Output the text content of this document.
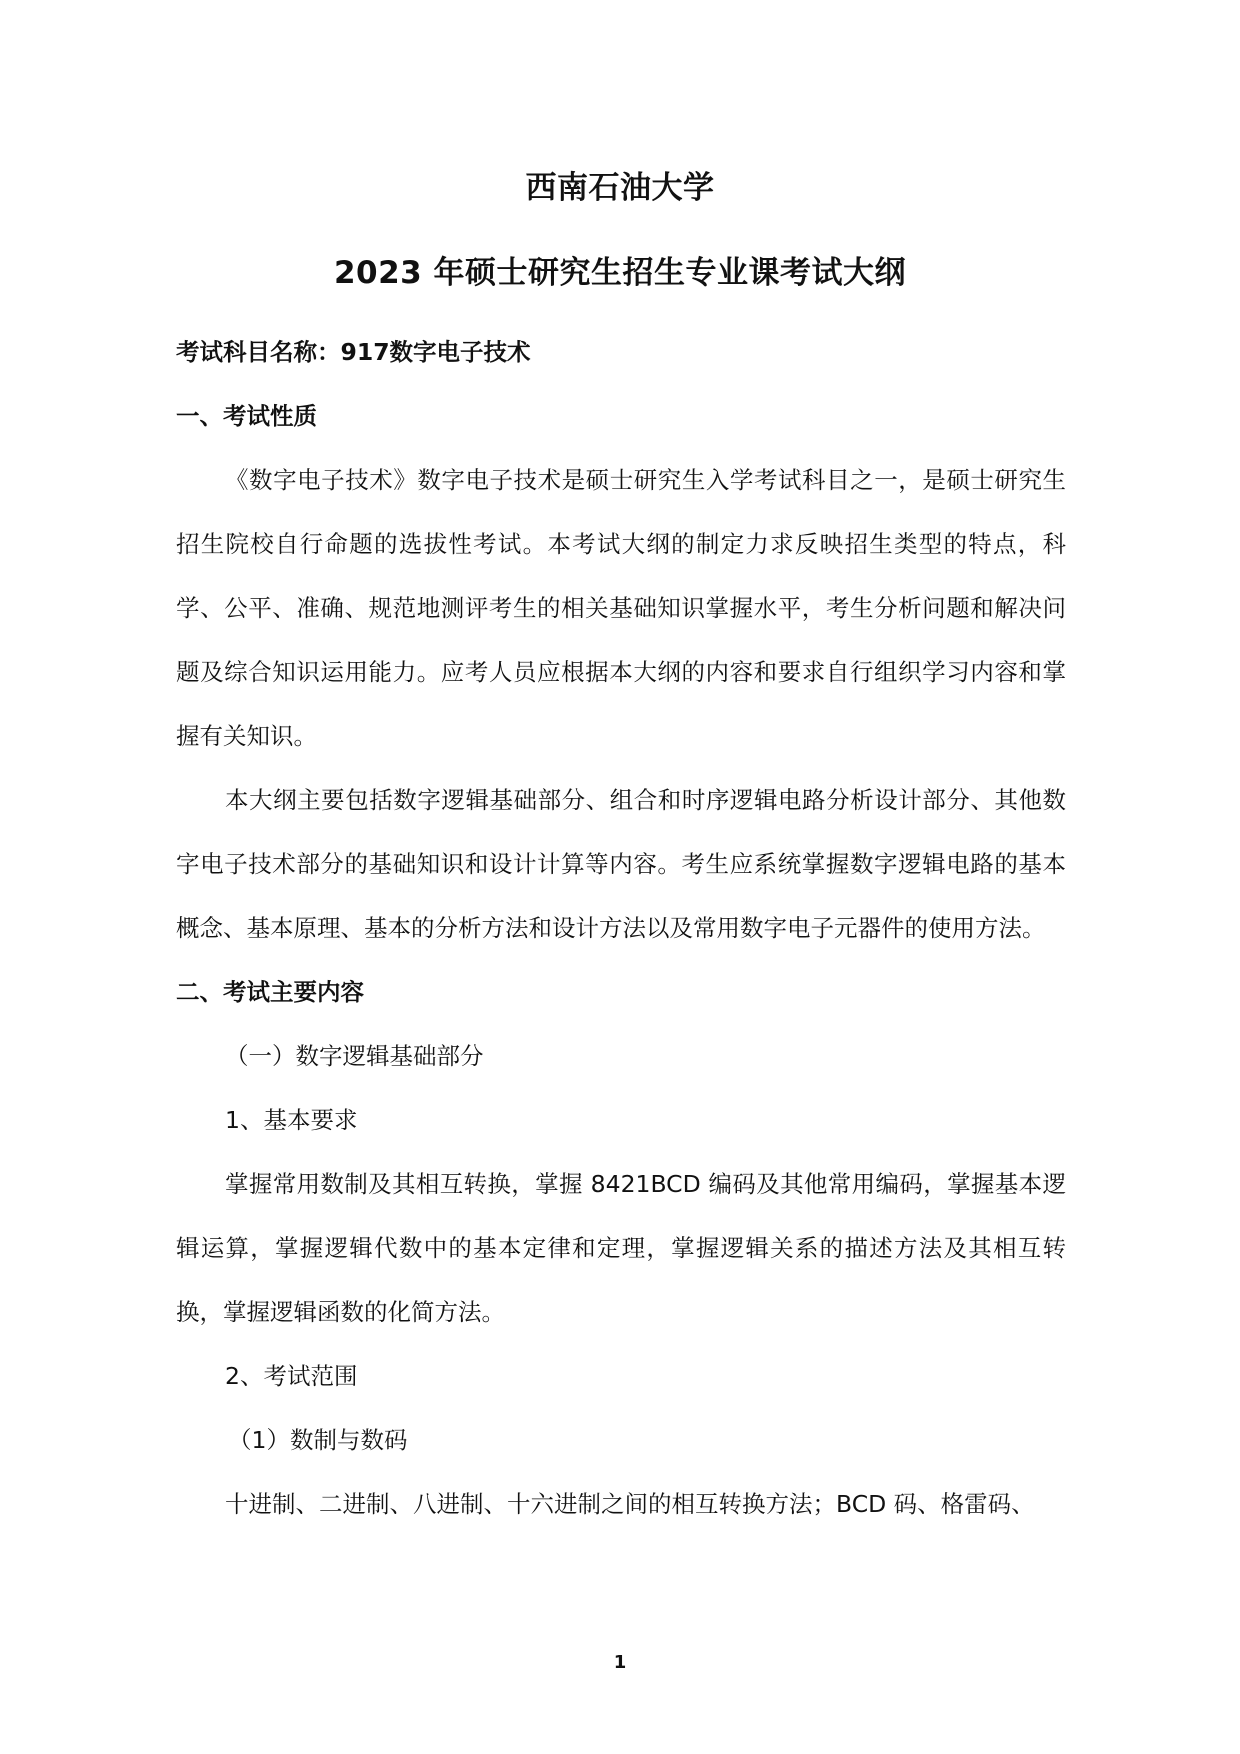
西南石油大学
2023 年硕士研究生招生专业课考试大纲

考试科目名称：917数字电子技术

一、考试性质

《数字电子技术》数字电子技术是硕士研究生入学考试科目之一，是硕士研究生招生院校自行命题的选拔性考试。本考试大纲的制定力求反映招生类型的特点，科学、公平、准确、规范地测评考生的相关基础知识掌握水平，考生分析问题和解决问题及综合知识运用能力。应考人员应根据本大纲的内容和要求自行组织学习内容和掌握有关知识。

本大纲主要包括数字逻辑基础部分、组合和时序逻辑电路分析设计部分、其他数字电子技术部分的基础知识和设计计算等内容。考生应系统掌握数字逻辑电路的基本概念、基本原理、基本的分析方法和设计方法以及常用数字电子元器件的使用方法。

二、考试主要内容

（一）数字逻辑基础部分

1、基本要求

掌握常用数制及其相互转换，掌握 8421BCD 编码及其他常用编码，掌握基本逻辑运算，掌握逻辑代数中的基本定律和定理，掌握逻辑关系的描述方法及其相互转换，掌握逻辑函数的化简方法。

2、考试范围

（1）数制与数码

十进制、二进制、八进制、十六进制之间的相互转换方法；BCD 码、格雷码、

1
